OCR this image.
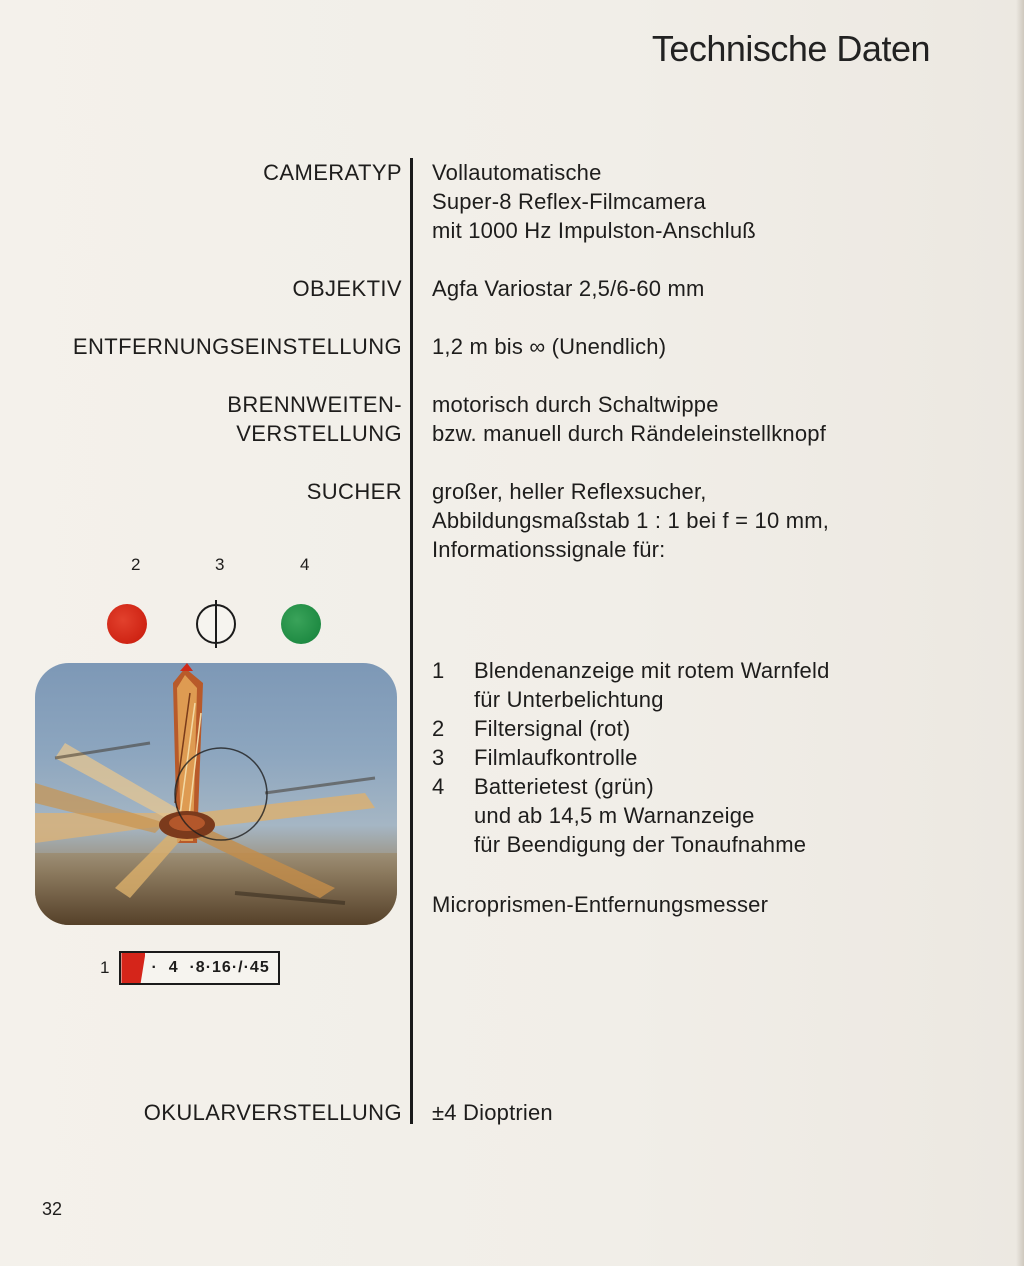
Technische Daten
CAMERATYP Vollautomatische
Super-8 Reflex-Filmcamera
mit 1000 Hz Impulston-Anschluß
OBJEKTIV Agfa Variostar 2,5/6-60 mm
ENTFERNUNGSEINSTELLUNG 1,2 m bis ∞ (Unendlich)
BRENNWEITEN-
VERSTELLUNG
motorisch durch Schaltwippe
bzw. manuell durch Rändeleinstellknopf
SUCHER großer, heller Reflexsucher,
Abbildungsmaßstab 1 : 1 bei f = 10 mm,
Informationssignale für:
2	3	4
1	·  4  ·8·16·/·45
1	Blendenanzeige mit rotem Warnfeld
für Unterbelichtung
2	Filtersignal (rot)
3	Filmlaufkontrolle
4	Batterietest (grün)
und ab 14,5 m Warnanzeige
für Beendigung der Tonaufnahme
Microprismen-Entfernungsmesser
OKULARVERSTELLUNG ±4 Dioptrien
32
